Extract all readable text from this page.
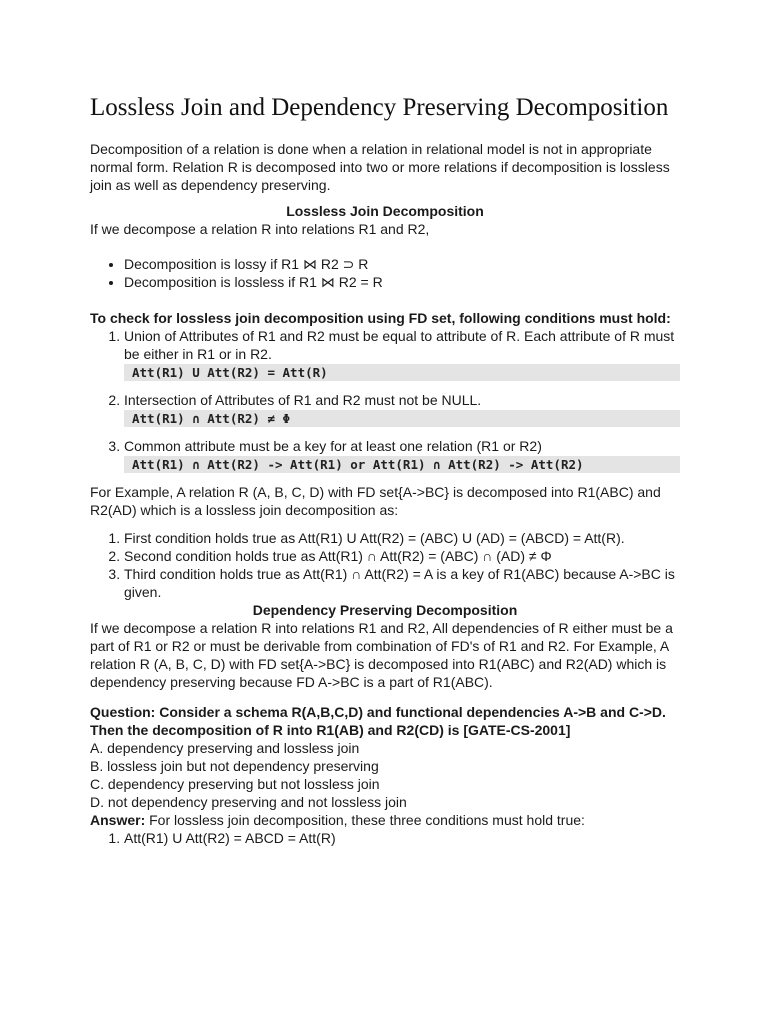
Lossless Join and Dependency Preserving Decomposition

Decomposition of a relation is done when a relation in relational model is not in appropriate normal form. Relation R is decomposed into two or more relations if decomposition is lossless join as well as dependency preserving.

Lossless Join Decomposition

If we decompose a relation R into relations R1 and R2,

• Decomposition is lossy if R1 ⋈ R2 ⊃ R
• Decomposition is lossless if R1 ⋈ R2 = R

To check for lossless join decomposition using FD set, following conditions must hold:

1. Union of Attributes of R1 and R2 must be equal to attribute of R. Each attribute of R must be either in R1 or in R2.
Att(R1) U Att(R2) = Att(R)
2. Intersection of Attributes of R1 and R2 must not be NULL.
Att(R1) ∩ Att(R2) ≠ Φ
3. Common attribute must be a key for at least one relation (R1 or R2)
Att(R1) ∩ Att(R2) -> Att(R1) or Att(R1) ∩ Att(R2) -> Att(R2)

For Example, A relation R (A, B, C, D) with FD set{A->BC} is decomposed into R1(ABC) and R2(AD) which is a lossless join decomposition as:

1. First condition holds true as Att(R1) U Att(R2) = (ABC) U (AD) = (ABCD) = Att(R).
2. Second condition holds true as Att(R1) ∩ Att(R2) = (ABC) ∩ (AD) ≠ Φ
3. Third condition holds true as Att(R1) ∩ Att(R2) = A is a key of R1(ABC) because A->BC is given.

Dependency Preserving Decomposition

If we decompose a relation R into relations R1 and R2, All dependencies of R either must be a part of R1 or R2 or must be derivable from combination of FD's of R1 and R2. For Example, A relation R (A, B, C, D) with FD set{A->BC} is decomposed into R1(ABC) and R2(AD) which is dependency preserving because FD A->BC is a part of R1(ABC).

Question: Consider a schema R(A,B,C,D) and functional dependencies A->B and C->D. Then the decomposition of R into R1(AB) and R2(CD) is [GATE-CS-2001]

A. dependency preserving and lossless join

B. lossless join but not dependency preserving

C. dependency preserving but not lossless join

D. not dependency preserving and not lossless join

Answer: For lossless join decomposition, these three conditions must hold true:

1. Att(R1) U Att(R2) = ABCD = Att(R)
